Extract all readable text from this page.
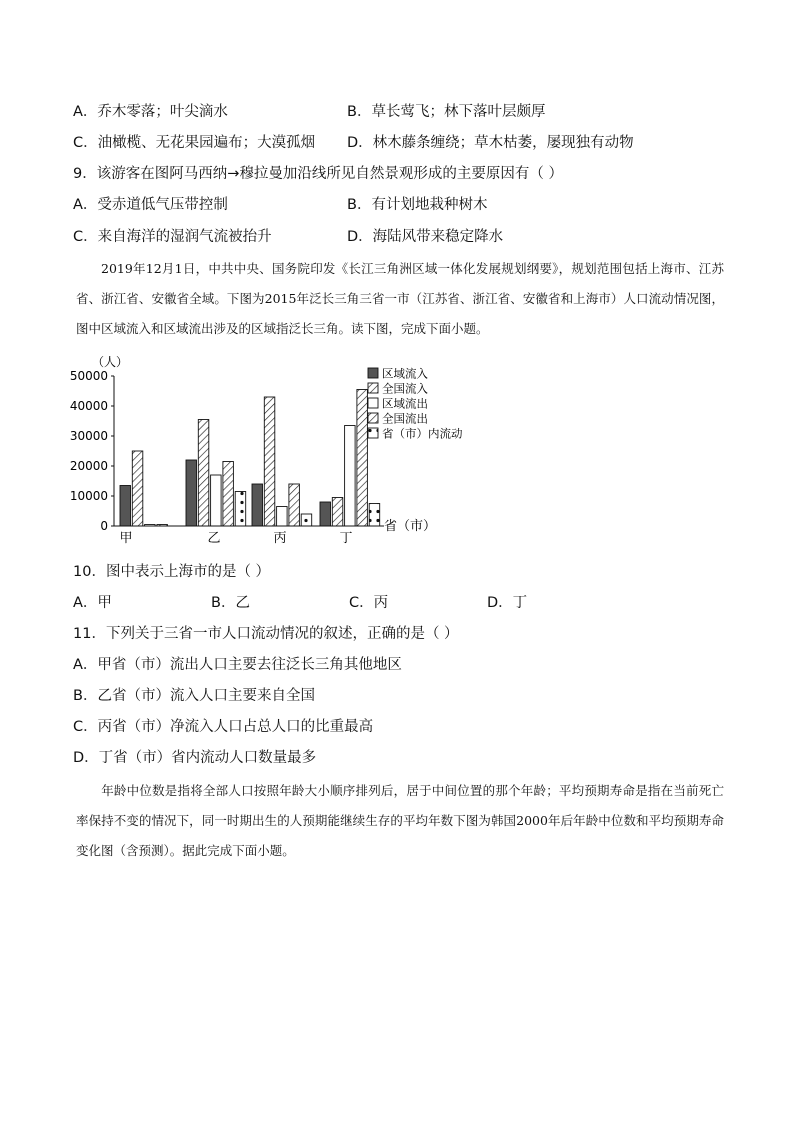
A．乔木零落；叶尖滴水	B．草长莺飞；林下落叶层颇厚
C．油橄榄、无花果园遍布；大漠孤烟 D．林木藤条缠绕；草木枯萎，屡现独有动物
9．该游客在图阿马西纳→穆拉曼加沿线所见自然景观形成的主要原因有（ ）
A．受赤道低气压带控制	B．有计划地栽种树木
C．来自海洋的湿润气流被抬升	D．海陆风带来稳定降水
2019年12月1日，中共中央、国务院印发《长江三角洲区域一体化发展规划纲要》，规划范围包括上海市、江苏省、浙江省、安徽省全域。下图为2015年泛长三角三省一市（江苏省、浙江省、安徽省和上海市）人口流动情况图，图中区域流入和区域流出涉及的区域指泛长三角。读下图，完成下面小题。
（人）
0
10000
20000
30000
40000
50000
甲	乙	丙	丁
省（市）
区域流入
全国流入
区域流出
全国流出
省（市）内流动
10．图中表示上海市的是（ ）
A．甲	B．乙	C．丙	D．丁
11．下列关于三省一市人口流动情况的叙述，正确的是（ ）
A．甲省（市）流出人口主要去往泛长三角其他地区
B．乙省（市）流入人口主要来自全国
C．丙省（市）净流入人口占总人口的比重最高
D．丁省（市）省内流动人口数量最多
年龄中位数是指将全部人口按照年龄大小顺序排列后，居于中间位置的那个年龄；平均预期寿命是指在当前死亡率保持不变的情况下，同一时期出生的人预期能继续生存的平均年数下图为韩国2000年后年龄中位数和平均预期寿命变化图（含预测）。据此完成下面小题。
